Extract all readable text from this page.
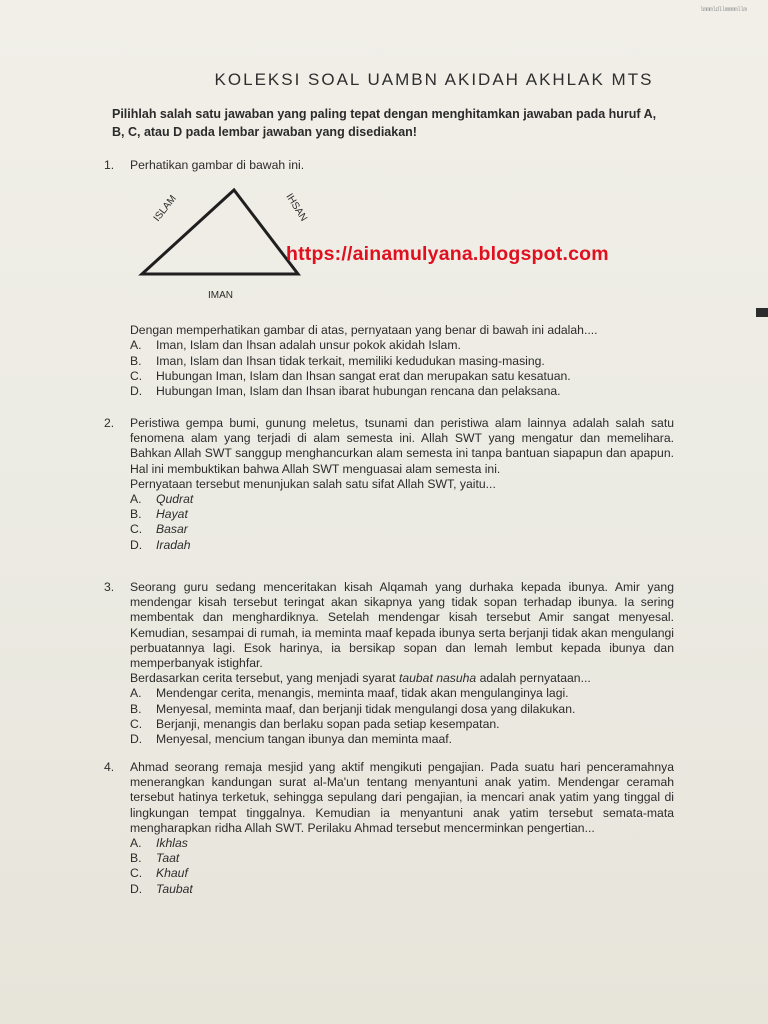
lmmmldllmmmmllm
KOLEKSI SOAL UAMBN AKIDAH AKHLAK MTS
Pilihlah salah satu jawaban yang paling tepat dengan menghitamkan jawaban pada huruf A, B, C, atau D pada lembar jawaban yang disediakan!
1.	Perhatikan gambar di bawah ini.
ISLAM	IHSAN
IMAN
Dengan memperhatikan gambar di atas, pernyataan yang benar di bawah ini adalah....
A.	Iman, Islam dan Ihsan adalah unsur pokok akidah Islam.
B.	Iman, Islam dan Ihsan tidak terkait, memiliki kedudukan masing-masing.
C.	Hubungan Iman, Islam dan Ihsan sangat erat dan merupakan satu kesatuan.
D.	Hubungan Iman, Islam dan Ihsan ibarat hubungan rencana dan pelaksana.
https://ainamulyana.blogspot.com
2.	Peristiwa gempa bumi, gunung meletus, tsunami dan peristiwa alam lainnya adalah salah satu fenomena alam yang terjadi di alam semesta ini. Allah SWT yang mengatur dan memelihara. Bahkan Allah SWT sanggup menghancurkan alam semesta ini tanpa bantuan siapapun dan apapun. Hal ini membuktikan bahwa Allah SWT menguasai alam semesta ini.
Pernyataan tersebut menunjukan salah satu sifat Allah SWT, yaitu...
A.	Qudrat
B.	Hayat
C.	Basar
D.	Iradah
3.	Seorang guru sedang menceritakan kisah Alqamah yang durhaka kepada ibunya. Amir yang mendengar kisah tersebut teringat akan sikapnya yang tidak sopan terhadap ibunya. Ia sering membentak dan menghardiknya. Setelah mendengar kisah tersebut Amir sangat menyesal. Kemudian, sesampai di rumah, ia meminta maaf kepada ibunya serta berjanji tidak akan mengulangi perbuatannya lagi. Esok harinya, ia bersikap sopan dan lemah lembut kepada ibunya dan memperbanyak istighfar.
Berdasarkan cerita tersebut, yang menjadi syarat taubat nasuha adalah pernyataan...
A.	Mendengar cerita, menangis, meminta maaf, tidak akan mengulanginya lagi.
B.	Menyesal, meminta maaf, dan berjanji tidak mengulangi dosa yang dilakukan.
C.	Berjanji, menangis dan berlaku sopan pada setiap kesempatan.
D.	Menyesal, mencium tangan ibunya dan meminta maaf.
4.	Ahmad seorang remaja mesjid yang aktif mengikuti pengajian. Pada suatu hari penceramahnya menerangkan kandungan surat al-Ma'un tentang menyantuni anak yatim. Mendengar ceramah tersebut hatinya terketuk, sehingga sepulang dari pengajian, ia mencari anak yatim yang tinggal di lingkungan tempat tinggalnya. Kemudian ia menyantuni anak yatim tersebut semata-mata mengharapkan ridha Allah SWT. Perilaku Ahmad tersebut mencerminkan pengertian...
A.	Ikhlas
B.	Taat
C.	Khauf
D.	Taubat
